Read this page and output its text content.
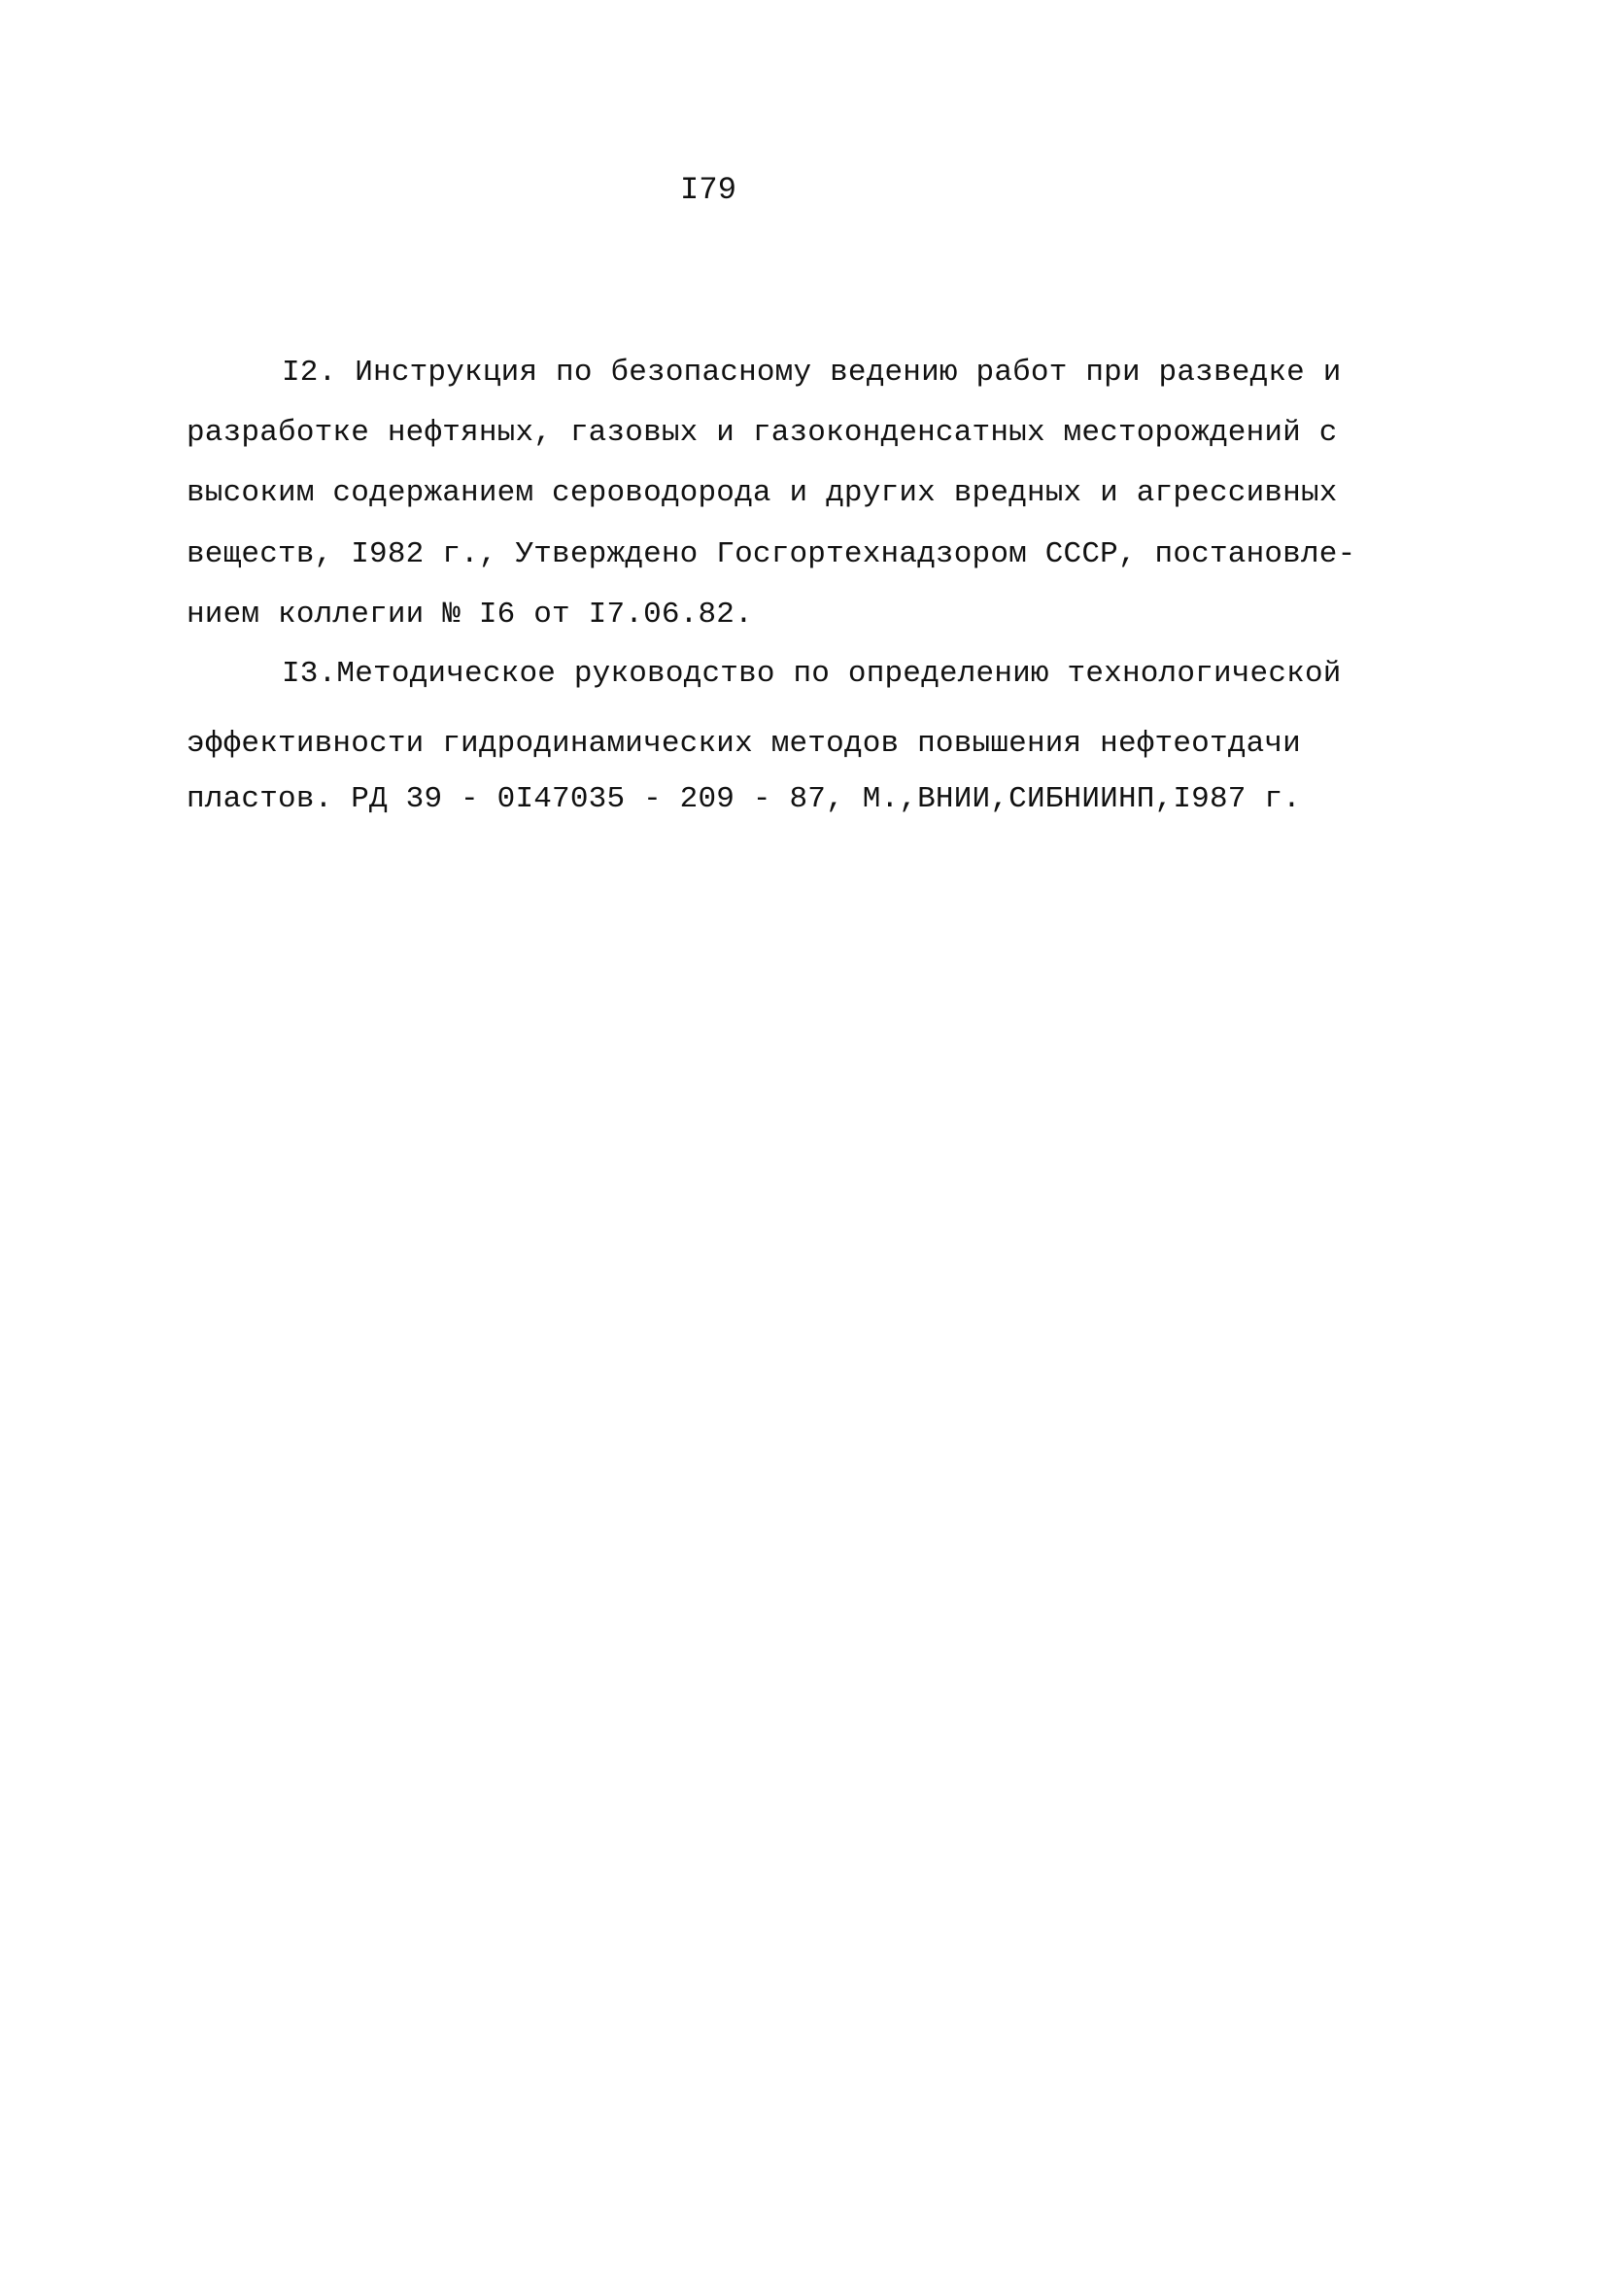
I79
I2. Инструкция по безопасному ведению работ при разведке и
разработке нефтяных, газовых и газоконденсатных месторождений с
высоким содержанием сероводорода и других вредных и агрессивных
веществ, I982 г., Утверждено Госгортехнадзором СССР, постановле-
нием коллегии № I6 от I7.06.82.
I3.Методическое руководство по определению технологической
эффективности гидродинамических методов повышения нефтеотдачи
пластов. РД 39 - 0I47035 - 209 - 87, М.,ВНИИ,СИБНИИНП,I987 г.
